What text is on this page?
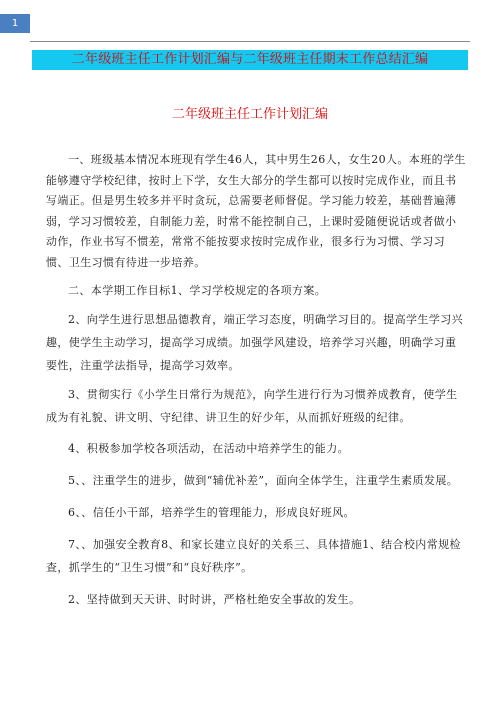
1
二年级班主任工作计划汇编与二年级班主任期末工作总结汇编
二年级班主任工作计划汇编

一、班级基本情况本班现有学生46人，其中男生26人，女生20人。本班的学生能够遵守学校纪律，按时上下学，女生大部分的学生都可以按时完成作业，而且书写端正。但是男生较多并平时贪玩，总需要老师督促。学习能力较差，基础普遍薄弱，学习习惯较差，自制能力差，时常不能控制自己，上课时爱随便说话或者做小动作，作业书写不惯差，常常不能按要求按时完成作业，很多行为习惯、学习习惯、卫生习惯有待进一步培养。

二、本学期工作目标1、学习学校规定的各项方案。

2、向学生进行思想品德教育，端正学习态度，明确学习目的。提高学生学习兴趣，使学生主动学习，提高学习成绩。加强学风建设，培养学习兴趣，明确学习重要性，注重学法指导，提高学习效率。

3、贯彻实行《小学生日常行为规范》，向学生进行行为习惯养成教育，使学生成为有礼貌、讲文明、守纪律、讲卫生的好少年，从而抓好班级的纪律。

4、积极参加学校各项活动，在活动中培养学生的能力。

5、、注重学生的进步，做到“辅优补差”，面向全体学生，注重学生素质发展。

6、、信任小干部，培养学生的管理能力，形成良好班风。

7、、加强安全教育8、和家长建立良好的关系三、具体措施1、结合校内常规检查，抓学生的“卫生习惯”和“良好秩序”。

2、坚持做到天天讲、时时讲，严格杜绝安全事故的发生。
